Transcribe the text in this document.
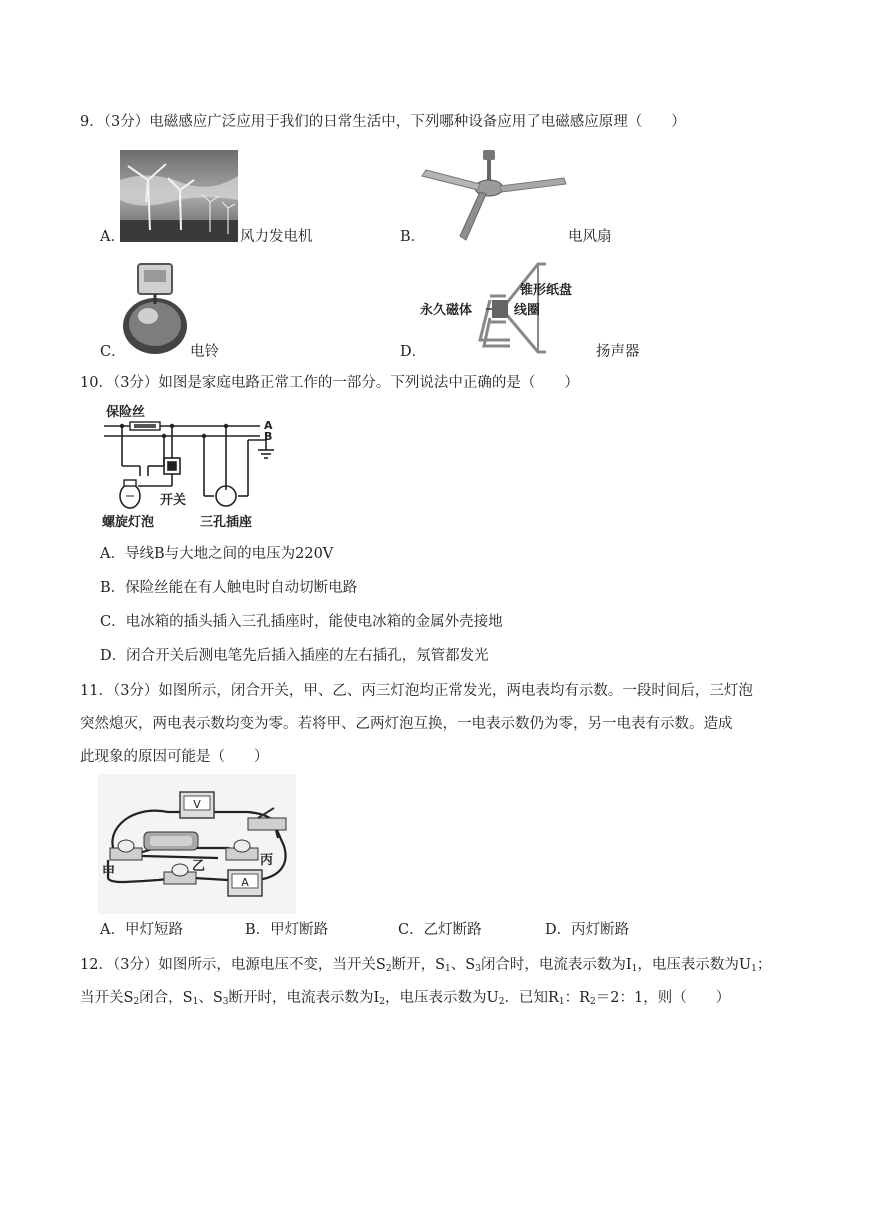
9．（3分）电磁感应广泛应用于我们的日常生活中，下列哪种设备应用了电磁感应原理（　　）
A．	风力发电机	B．	电风扇
C．	电铃
永久磁体
锥形纸盘
线圈
D．	扬声器
10．（3分）如图是家庭电路正常工作的一部分。下列说法中正确的是（　　）
保险丝
A
B
开关
螺旋灯泡	三孔插座
A．导线B与大地之间的电压为220V
B．保险丝能在有人触电时自动切断电路
C．电冰箱的插头插入三孔插座时，能使电冰箱的金属外壳接地
D．闭合开关后测电笔先后插入插座的左右插孔，氖管都发光
11．（3分）如图所示，闭合开关，甲、乙、丙三灯泡均正常发光，两电表均有示数。一段时间后，三灯泡
突然熄灭，两电表示数均变为零。若将甲、乙两灯泡互换，一电表示数仍为零，另一电表有示数。造成
此现象的原因可能是（　　）
V
A
甲	乙	丙
A．甲灯短路	B．甲灯断路	C．乙灯断路	D．丙灯断路
12．（3分）如图所示，电源电压不变，当开关$S_2$断开，$S_1$、$S_3$闭合时，电流表示数为$I_1$，电压表示数为$U_1$；
当开关$S_2$闭合，$S_1$、$S_3$断开时，电流表示数为$I_2$，电压表示数为$U_2$．已知$R_1$：$R_2=2$：1，则（　　）
